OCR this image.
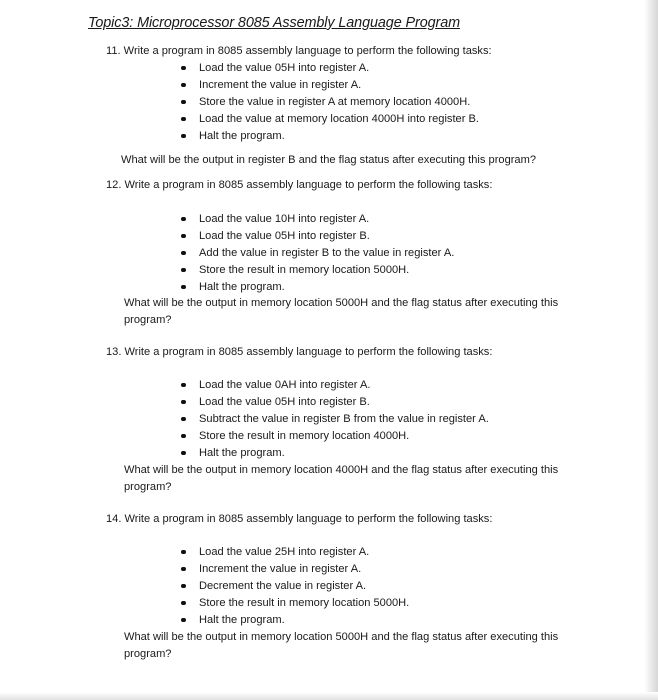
Topic3: Microprocessor 8085 Assembly Language Program
11. Write a program in 8085 assembly language to perform the following tasks:
Load the value 05H into register A.
Increment the value in register A.
Store the value in register A at memory location 4000H.
Load the value at memory location 4000H into register B.
Halt the program.
What will be the output in register B and the flag status after executing this program?
12. Write a program in 8085 assembly language to perform the following tasks:
Load the value 10H into register A.
Load the value 05H into register B.
Add the value in register B to the value in register A.
Store the result in memory location 5000H.
Halt the program.
What will be the output in memory location 5000H and the flag status after executing this
program?
13. Write a program in 8085 assembly language to perform the following tasks:
Load the value 0AH into register A.
Load the value 05H into register B.
Subtract the value in register B from the value in register A.
Store the result in memory location 4000H.
Halt the program.
What will be the output in memory location 4000H and the flag status after executing this
program?
14. Write a program in 8085 assembly language to perform the following tasks:
Load the value 25H into register A.
Increment the value in register A.
Decrement the value in register A.
Store the result in memory location 5000H.
Halt the program.
What will be the output in memory location 5000H and the flag status after executing this
program?
